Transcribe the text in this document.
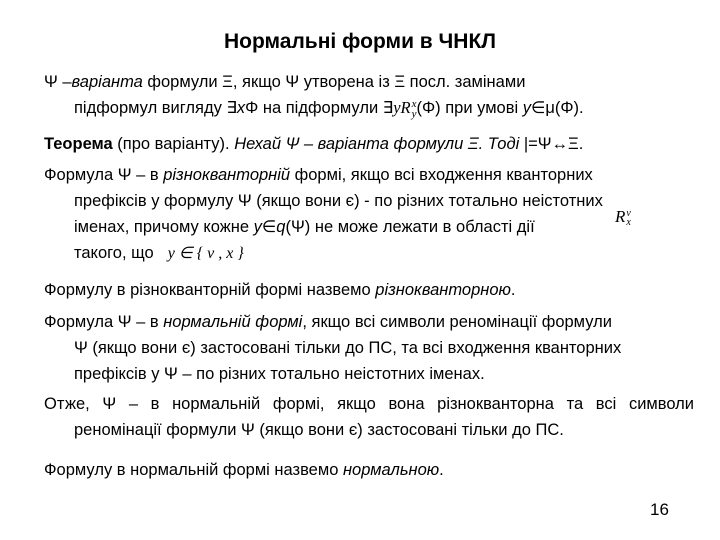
Нормальні форми в ЧНКЛ
Ψ –варіанта формули Ξ, якщо Ψ утворена із Ξ посл. замінами
підформул вигляду ∃xΦ на підформули ∃yR x
y (Φ) при умові y∈μ(Φ).
Теорема (про варіанту). Нехай Ψ – варіанта формули Ξ. Тоді |=Ψ↔Ξ.
Формула Ψ – в різнокванторній формі, якщо всі входження кванторних
префіксів у формулу Ψ (якщо вони є) - по різних тотально неістотних
іменах, причому кожне y∈q(Ψ) не може лежати в області дії
такого, що y ∈ { v , x }
R v
x
Формулу в різнокванторній формі назвемо різнокванторною.
Формула Ψ – в нормальній формі, якщо всі символи реномінації формули
Ψ (якщо вони є) застосовані тільки до ПС, та всі входження кванторних
префіксів у Ψ – по різних тотально неістотних іменах.
Отже, Ψ – в нормальній формі, якщо вона різнокванторна та всі символи
реномінації формули Ψ (якщо вони є) застосовані тільки до ПС.
Формулу в нормальній формі назвемо нормальною.
16
